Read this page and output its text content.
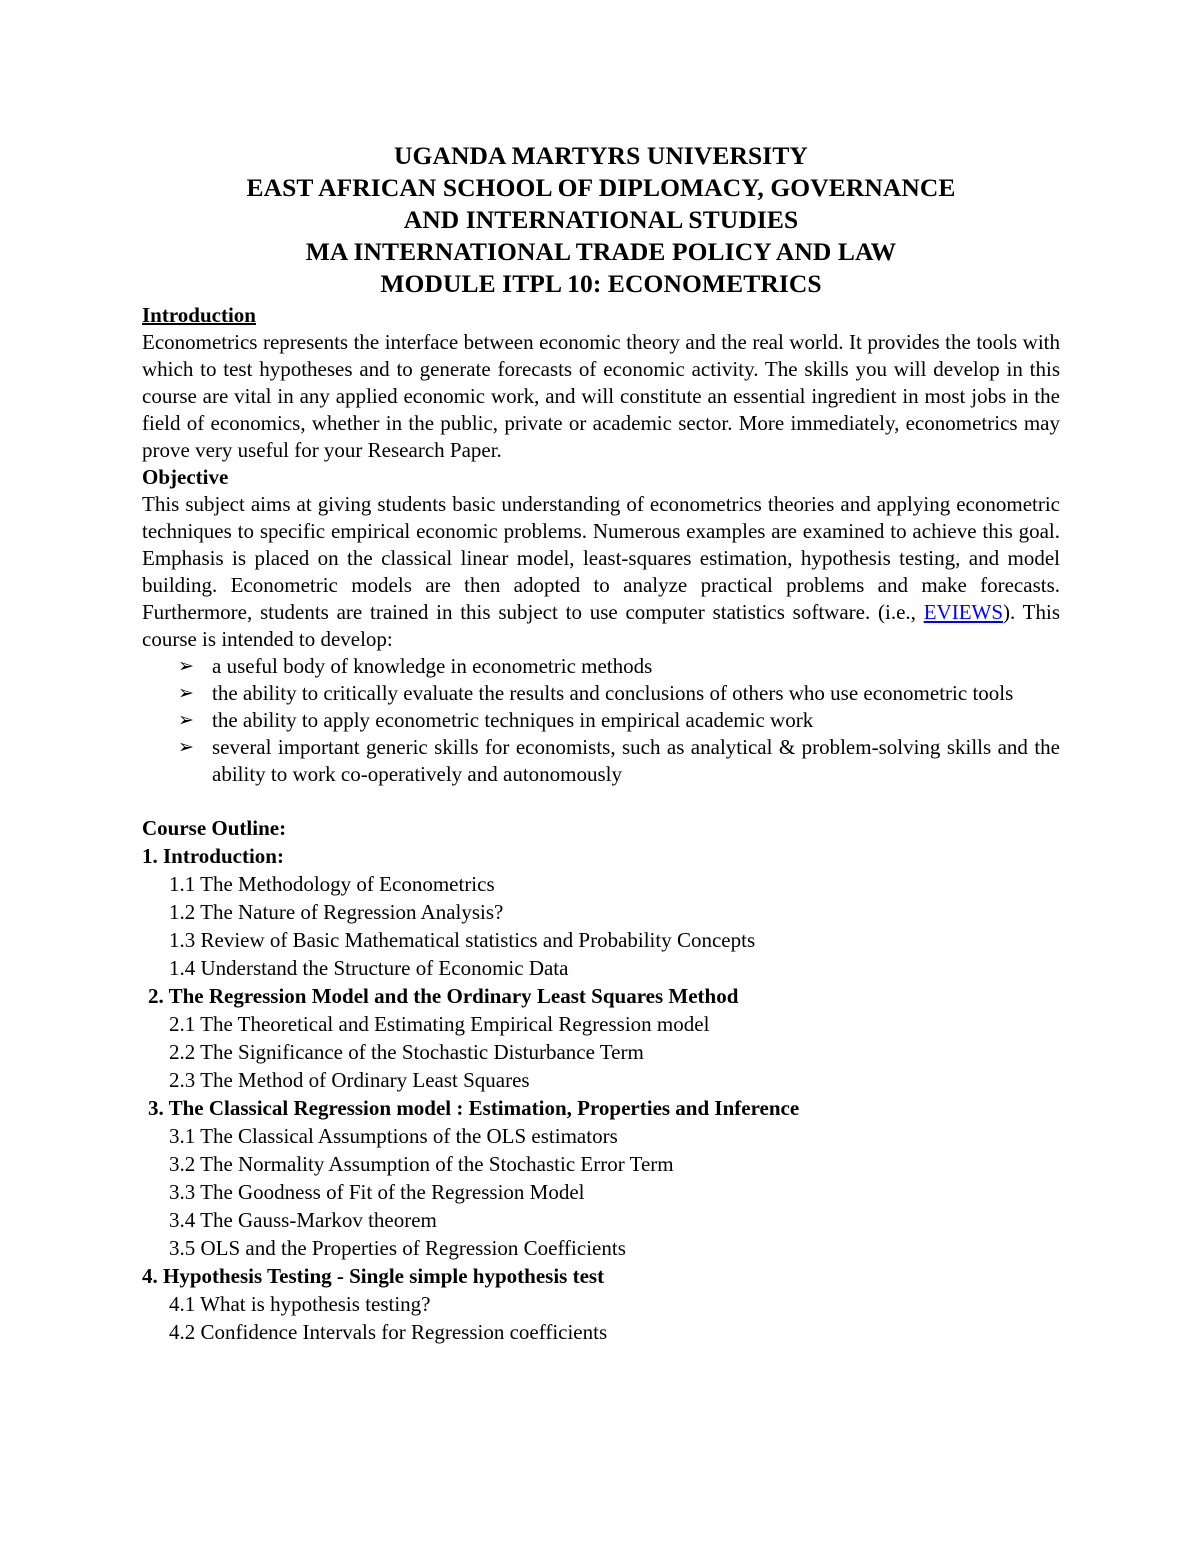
UGANDA MARTYRS UNIVERSITY
EAST AFRICAN SCHOOL OF DIPLOMACY, GOVERNANCE
AND INTERNATIONAL STUDIES
MA INTERNATIONAL TRADE POLICY AND LAW
MODULE ITPL 10: ECONOMETRICS
Introduction

Econometrics represents the interface between economic theory and the real world. It provides the tools with which to test hypotheses and to generate forecasts of economic activity. The skills you will develop in this course are vital in any applied economic work, and will constitute an essential ingredient in most jobs in the field of economics, whether in the public, private or academic sector. More immediately, econometrics may prove very useful for your Research Paper.

Objective

This subject aims at giving students basic understanding of econometrics theories and applying econometric techniques to specific empirical economic problems. Numerous examples are examined to achieve this goal. Emphasis is placed on the classical linear model, least-squares estimation, hypothesis testing, and model building. Econometric models are then adopted to analyze practical problems and make forecasts. Furthermore, students are trained in this subject to use computer statistics software. (i.e., EVIEWS). This course is intended to develop:

➢ a useful body of knowledge in econometric methods
➢ the ability to critically evaluate the results and conclusions of others who use econometric tools
➢ the ability to apply econometric techniques in empirical academic work
➢ several important generic skills for economists, such as analytical & problem-solving skills and the ability to work co-operatively and autonomously
Course Outline:
1. Introduction:
1.1 The Methodology of Econometrics
1.2 The Nature of Regression Analysis?
1.3 Review of Basic Mathematical statistics and Probability Concepts
1.4 Understand the Structure of Economic Data
2. The Regression Model and the Ordinary Least Squares Method
2.1 The Theoretical and Estimating Empirical Regression model
2.2 The Significance of the Stochastic Disturbance Term
2.3 The Method of Ordinary Least Squares
3. The Classical Regression model : Estimation, Properties and Inference
3.1 The Classical Assumptions of the OLS estimators
3.2 The Normality Assumption of the Stochastic Error Term
3.3 The Goodness of Fit of the Regression Model
3.4 The Gauss-Markov theorem
3.5 OLS and the Properties of Regression Coefficients
4. Hypothesis Testing - Single simple hypothesis test
4.1 What is hypothesis testing?
4.2 Confidence Intervals for Regression coefficients
